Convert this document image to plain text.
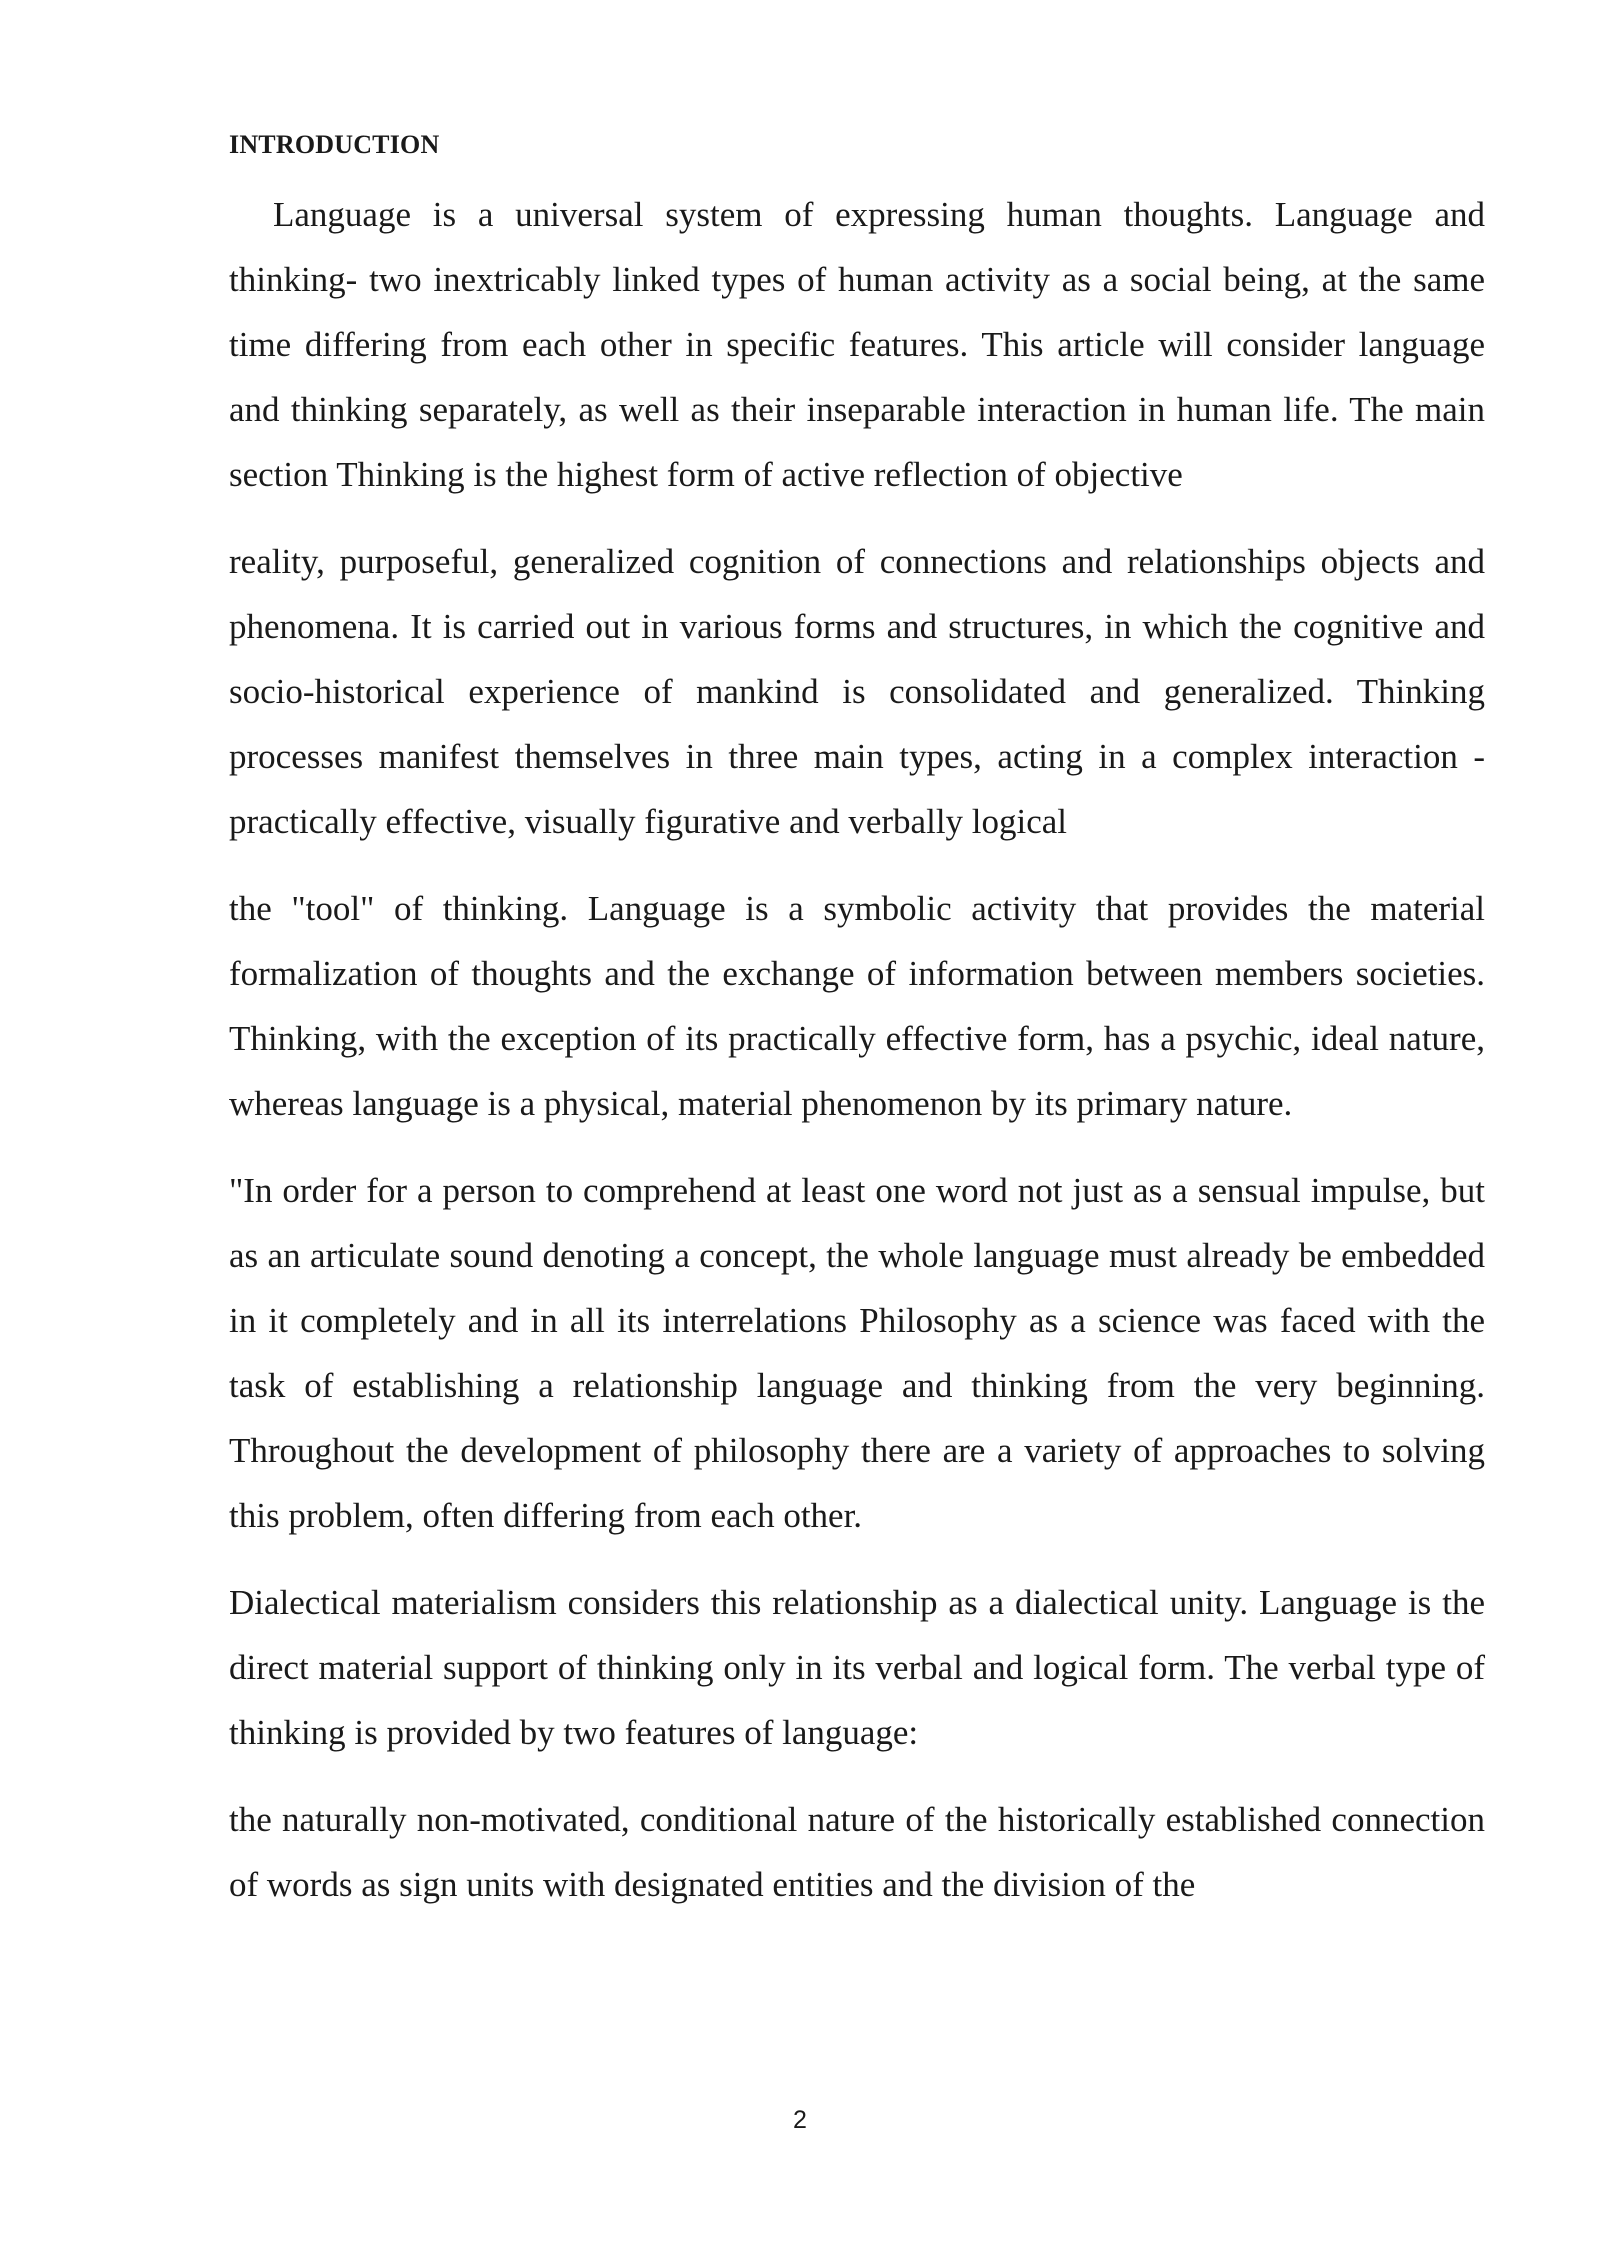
INTRODUCTION

Language is a universal system of expressing human thoughts. Language and thinking- two inextricably linked types of human activity as a social being, at the same time differing from each other in specific features. This article will consider language and thinking separately, as well as their inseparable interaction in human life. The main section Thinking is the highest form of active reflection of objective

reality, purposeful, generalized cognition of connections and relationships objects and phenomena. It is carried out in various forms and structures, in which the cognitive and socio-historical experience of mankind is consolidated and generalized. Thinking processes manifest themselves in three main types, acting in a complex interaction - practically effective, visually figurative and verbally logical

the "tool" of thinking. Language is a symbolic activity that provides the material formalization of thoughts and the exchange of information between members societies. Thinking, with the exception of its practically effective form, has a psychic, ideal nature, whereas language is a physical, material phenomenon by its primary nature.

"In order for a person to comprehend at least one word not just as a sensual impulse, but as an articulate sound denoting a concept, the whole language must already be embedded in it completely and in all its interrelations Philosophy as a science was faced with the task of establishing a relationship language and thinking from the very beginning. Throughout the development of philosophy there are a variety of approaches to solving this problem, often differing from each other.

Dialectical materialism considers this relationship as a dialectical unity. Language is the direct material support of thinking only in its verbal and logical form. The verbal type of thinking is provided by two features of language:

the naturally non-motivated, conditional nature of the historically established connection of words as sign units with designated entities and the division of the

2
